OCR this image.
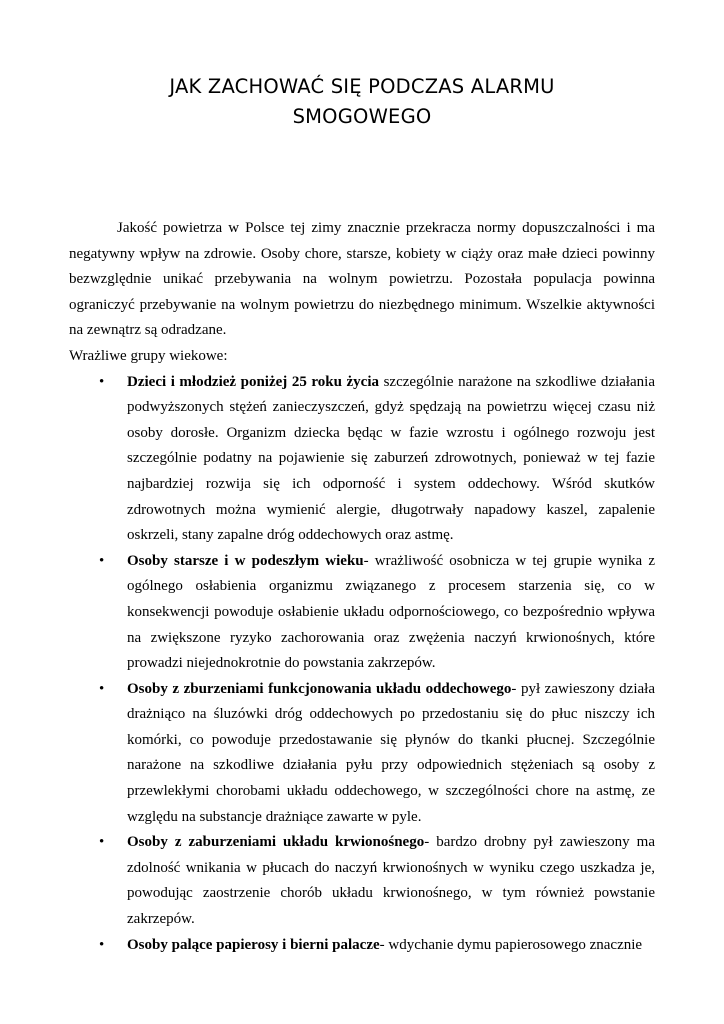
JAK ZACHOWAĆ SIĘ PODCZAS ALARMU
SMOGOWEGO

Jakość powietrza w Polsce tej zimy znacznie przekracza normy dopuszczalności i ma negatywny wpływ na zdrowie. Osoby chore, starsze, kobiety w ciąży oraz małe dzieci powinny bezwzględnie unikać przebywania na wolnym powietrzu. Pozostała populacja powinna ograniczyć przebywanie na wolnym powietrzu do niezbędnego minimum. Wszelkie aktywności na zewnątrz są odradzane.

Wrażliwe grupy wiekowe:

• Dzieci i młodzież poniżej 25 roku życia szczególnie narażone na szkodliwe działania podwyższonych stężeń zanieczyszczeń, gdyż spędzają na powietrzu więcej czasu niż osoby dorosłe. Organizm dziecka będąc w fazie wzrostu i ogólnego rozwoju jest szczególnie podatny na pojawienie się zaburzeń zdrowotnych, ponieważ w tej fazie najbardziej rozwija się ich odporność i system oddechowy. Wśród skutków zdrowotnych można wymienić alergie, długotrwały napadowy kaszel, zapalenie oskrzeli, stany zapalne dróg oddechowych oraz astmę.
• Osoby starsze i w podeszłym wieku- wrażliwość osobnicza w tej grupie wynika z ogólnego osłabienia organizmu związanego z procesem starzenia się, co w konsekwencji powoduje osłabienie układu odpornościowego, co bezpośrednio wpływa na zwiększone ryzyko zachorowania oraz zwężenia naczyń krwionośnych, które prowadzi niejednokrotnie do powstania zakrzepów.
• Osoby z zburzeniami funkcjonowania układu oddechowego- pył zawieszony działa drażniąco na śluzówki dróg oddechowych po przedostaniu się do płuc niszczy ich komórki, co powoduje przedostawanie się płynów do tkanki płucnej. Szczególnie narażone na szkodliwe działania pyłu przy odpowiednich stężeniach są osoby z przewlekłymi chorobami układu oddechowego, w szczególności chore na astmę, ze względu na substancje drażniące zawarte w pyle.
• Osoby z zaburzeniami układu krwionośnego- bardzo drobny pył zawieszony ma zdolność wnikania w płucach do naczyń krwionośnych w wyniku czego uszkadza je, powodując zaostrzenie chorób układu krwionośnego, w tym również powstanie zakrzepów.
• Osoby palące papierosy i bierni palacze- wdychanie dymu papierosowego znacznie
